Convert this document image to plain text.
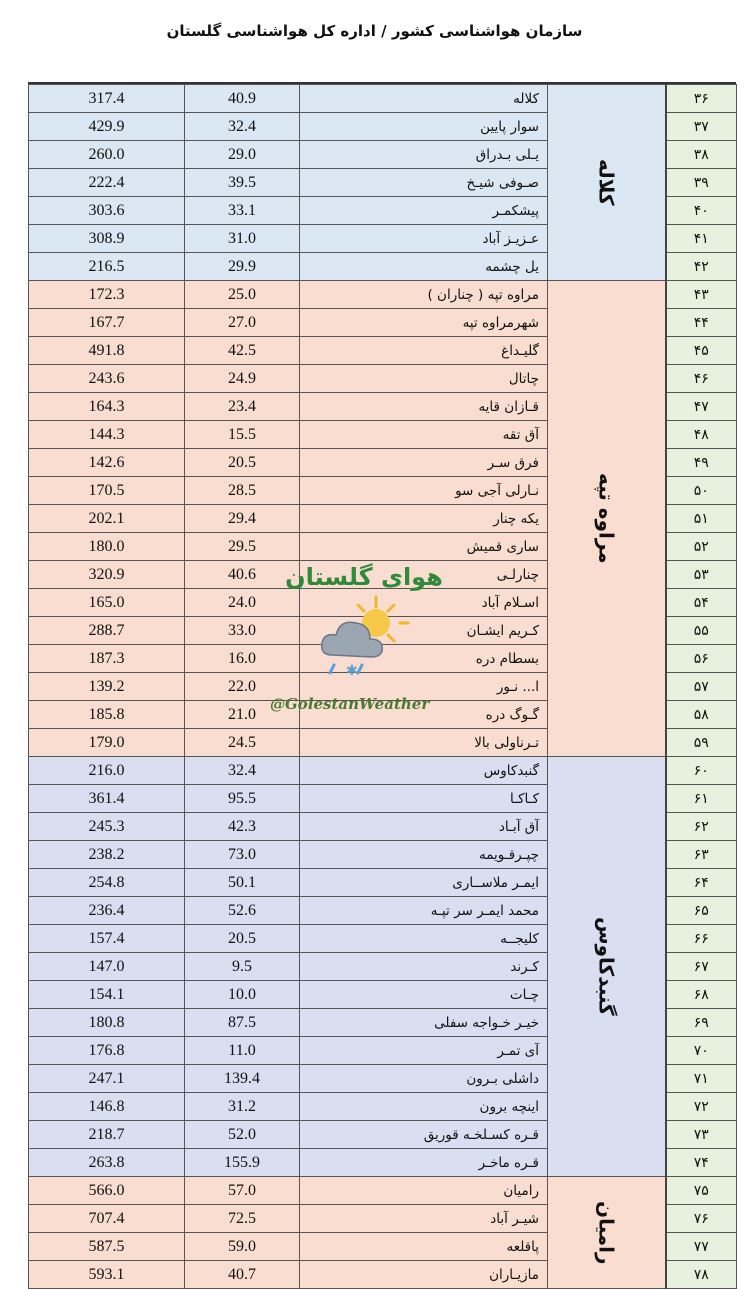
سازمان هواشناسی کشور / اداره کل هواشناسی گلستان
317.4	40.9	کلاله	کلاله	۳۶
429.9	32.4	سوار پایین		۳۷
260.0	29.0	یـلی بـدراق		۳۸
222.4	39.5	صـوفی شیـخ		۳۹
303.6	33.1	پیشکمـر		۴۰
308.9	31.0	عـزیـز آباد		۴۱
216.5	29.9	یل چشمه		۴۲
172.3	25.0	مراوه تپه ( چناران )	مراوه تپه	۴۳
167.7	27.0	شهرمراوه تپه		۴۴
491.8	42.5	گلیـداغ		۴۵
243.6	24.9	چاتال		۴۶
164.3	23.4	قـازان قایه		۴۷
144.3	15.5	آق تقه		۴۸
142.6	20.5	فرق سـر		۴۹
170.5	28.5	نـارلی آجی سو		۵۰
202.1	29.4	یکه چنار		۵۱
180.0	29.5	ساری قمیش		۵۲
320.9	40.6	چنارلـی		۵۳
165.0	24.0	اسـلام آباد		۵۴
288.7	33.0	کـریم ایشـان		۵۵
187.3	16.0	بسطام دره		۵۶
139.2	22.0	ا... نـور		۵۷
185.8	21.0	گـوگ دره		۵۸
179.0	24.5	تـرناولی بالا		۵۹
216.0	32.4	گنبدکاوس	گنبدکاوس	۶۰
361.4	95.5	کـاکـا		۶۱
245.3	42.3	آق آبـاد		۶۲
238.2	73.0	چپـرقـویمه		۶۳
254.8	50.1	ایمـر ملاســاری		۶۴
236.4	52.6	محمد ایمـر سر تپـه		۶۵
157.4	20.5	کلیجــه		۶۶
147.0	9.5	کـرند		۶۷
154.1	10.0	چـات		۶۸
180.8	87.5	خیـر خـواجه سفلی		۶۹
176.8	11.0	آی تمـر		۷۰
247.1	139.4	داشلی بـرون		۷۱
146.8	31.2	اینچه برون		۷۲
218.7	52.0	قـره کسـلخـه قوریق		۷۳
263.8	155.9	قـره ماخـر		۷۴
566.0	57.0	رامیان	رامیان	۷۵
707.4	72.5	شیـر آباد		۷۶
587.5	59.0	پاقلعه		۷۷
593.1	40.7	مازیـاران		۷۸
هوای گلستان
✱
@GolestanWeather
